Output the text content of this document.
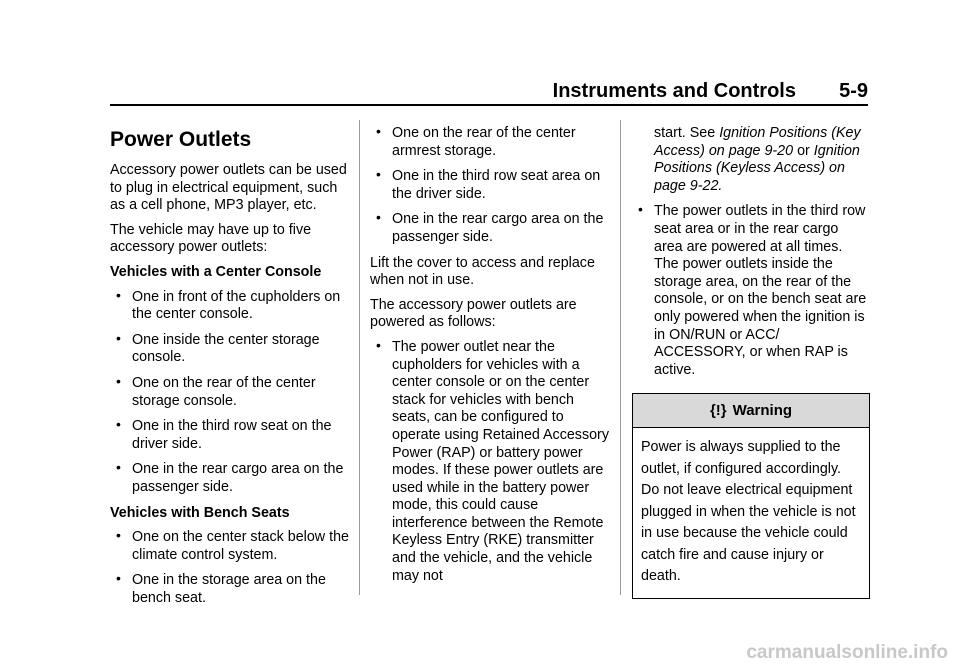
Instruments and Controls 5-9
Power Outlets

Accessory power outlets can be used to plug in electrical equipment, such as a cell phone, MP3 player, etc.

The vehicle may have up to five accessory power outlets:

Vehicles with a Center Console

• One in front of the cupholders on the center console.
• One inside the center storage console.
• One on the rear of the center storage console.
• One in the third row seat on the driver side.
• One in the rear cargo area on the passenger side.

Vehicles with Bench Seats

• One on the center stack below the climate control system.
• One in the storage area on the bench seat.
• One on the rear of the center armrest storage.
• One in the third row seat area on the driver side.
• One in the rear cargo area on the passenger side.

Lift the cover to access and replace when not in use.

The accessory power outlets are powered as follows:

• The power outlet near the cupholders for vehicles with a center console or on the center stack for vehicles with bench seats, can be configured to operate using Retained Accessory Power (RAP) or battery power modes. If these power outlets are used while in the battery power mode, this could cause interference between the Remote Keyless Entry (RKE) transmitter and the vehicle, and the vehicle may not
start. See Ignition Positions (Key Access) on page 9-20 or Ignition Positions (Keyless Access) on page 9-22.
• The power outlets in the third row seat area or in the rear cargo area are powered at all times. The power outlets inside the storage area, on the rear of the console, or on the bench seat are only powered when the ignition is in ON/RUN or ACC/ ACCESSORY, or when RAP is active.
{!} Warning
Power is always supplied to the outlet, if configured accordingly. Do not leave electrical equipment plugged in when the vehicle is not in use because the vehicle could catch fire and cause injury or death.
carmanualsonline.info
